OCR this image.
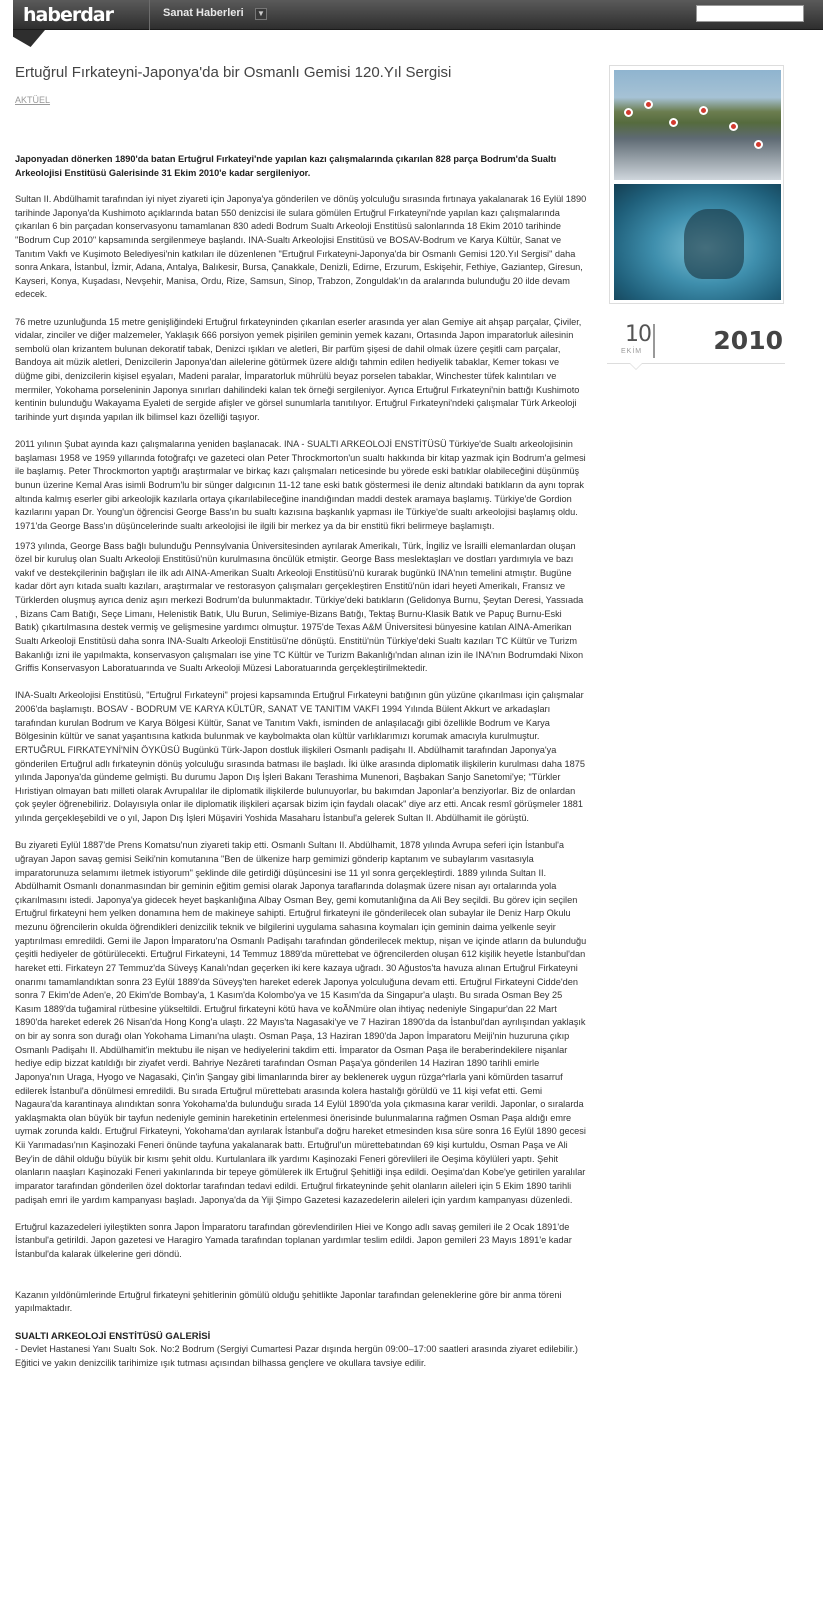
haberdar	Sanat Haberleri ▼
Ertuğrul Fırkateyni-Japonya'da bir Osmanlı Gemisi 120.Yıl Sergisi
AKTÜEL
Japonyadan dönerken 1890'da batan Ertuğrul Fırkateyi'nde yapılan kazı çalışmalarında çıkarılan 828 parça Bodrum'da Sualtı Arkeolojisi Enstitüsü Galerisinde 31 Ekim 2010'e kadar sergileniyor.

Sultan II. Abdülhamit tarafından iyi niyet ziyareti için Japonya'ya gönderilen ve dönüş yolculuğu sırasında fırtınaya yakalanarak 16 Eylül 1890 tarihinde Japonya'da Kushimoto açıklarında batan 550 denizcisi ile sulara gömülen Ertuğrul Fırkateyni'nde yapılan kazı çalışmalarında çıkarılan 6 bin parçadan konservasyonu tamamlanan 830 adedi Bodrum Sualtı Arkeoloji Enstitüsü salonlarında 18 Ekim 2010 tarihinde "Bodrum Cup 2010" kapsamında sergilenmeye başlandı. INA-Sualtı Arkeolojisi Enstitüsü ve BOSAV-Bodrum ve Karya Kültür, Sanat ve Tanıtım Vakfı ve Kuşimoto Belediyesi'nin katkıları ile düzenlenen "Ertuğrul Fırkateyni-Japonya'da bir Osmanlı Gemisi 120.Yıl Sergisi" daha sonra Ankara, İstanbul, İzmir, Adana, Antalya, Balıkesir, Bursa, Çanakkale, Denizli, Edirne, Erzurum, Eskişehir, Fethiye, Gaziantep, Giresun, Kayseri, Konya, Kuşadası, Nevşehir, Manisa, Ordu, Rize, Samsun, Sinop, Trabzon, Zonguldak'ın da aralarında bulunduğu 20 ilde devam edecek.

76 metre uzunluğunda 15 metre genişliğindeki Ertuğrul fırkateyninden çıkarılan eserler arasında yer alan Gemiye ait ahşap parçalar, Çiviler, vidalar, zinciler ve diğer malzemeler, Yaklaşık 666 porsiyon yemek pişirilen geminin yemek kazanı, Ortasında Japon imparatorluk ailesinin sembolü olan krizantem bulunan dekoratif tabak, Denizci ışıkları ve aletleri, Bir parfüm şişesi de dahil olmak üzere çeşitli cam parçalar, Bandoya ait müzik aletleri, Denizcilerin Japonya'dan ailelerine götürmek üzere aldığı tahmin edilen hediyelik tabaklar, Kemer tokası ve düğme gibi, denizcilerin kişisel eşyaları, Madeni paralar, İmparatorluk mührülü beyaz porselen tabaklar, Winchester tüfek kalıntıları ve mermiler, Yokohama porseleninin Japonya sınırları dahilindeki kalan tek örneği sergileniyor. Ayrıca Ertuğrul Fırkateyni'nin battığı Kushimoto kentinin bulunduğu Wakayama Eyaleti de sergide afişler ve görsel sunumlarla tanıtılıyor. Ertuğrul Fırkateyni'ndeki çalışmalar Türk Arkeoloji tarihinde yurt dışında yapılan ilk bilimsel kazı özelliği taşıyor.

2011 yılının Şubat ayında kazı çalışmalarına yeniden başlanacak. INA - SUALTI ARKEOLOJİ ENSTİTÜSÜ Türkiye'de Sualtı arkeolojisinin başlaması 1958 ve 1959 yıllarında fotoğrafçı ve gazeteci olan Peter Throckmorton'un sualtı hakkında bir kitap yazmak için Bodrum'a gelmesi ile başlamış. Peter Throckmorton yaptığı araştırmalar ve birkaç kazı çalışmaları neticesinde bu yörede eski batıklar olabileceğini düşünmüş bunun üzerine Kemal Aras isimli Bodrum'lu bir sünger dalgıcının 11-12 tane eski batık göstermesi ile deniz altındaki batıkların da aynı toprak altında kalmış eserler gibi arkeolojik kazılarla ortaya çıkarılabileceğine inandığından maddi destek aramaya başlamış. Türkiye'de Gordion kazılarını yapan Dr. Young'un öğrencisi George Bass'ın bu sualtı kazısına başkanlık yapması ile Türkiye'de sualtı arkeolojisi başlamış oldu. 1971'da George Bass'ın düşüncelerinde sualtı arkeolojisi ile ilgili bir merkez ya da bir enstitü fikri belirmeye başlamıştı.

1973 yılında, George Bass bağlı bulunduğu Pennsylvania Üniversitesinden ayrılarak Amerikalı, Türk, İngiliz ve İsrailli elemanlardan oluşan özel bir kuruluş olan Sualtı Arkeoloji Enstitüsü'nün kurulmasına öncülük etmiştir. George Bass meslektaşları ve dostları yardımıyla ve bazı vakıf ve destekçilerinin bağışları ile ilk adı AINA-Amerikan Sualtı Arkeoloji Enstitüsü'nü kurarak bugünkü INA'nın temelini atmıştır. Bugüne kadar dört ayrı kıtada sualtı kazıları, araştırmalar ve restorasyon çalışmaları gerçekleştiren Enstitü'nün idari heyeti Amerikalı, Fransız ve Türklerden oluşmuş ayrıca deniz aşırı merkezi Bodrum'da bulunmaktadır. Türkiye'deki batıkların (Gelidonya Burnu, Şeytan Deresi, Yassıada , Bizans Cam Batığı, Seçe Limanı, Helenistik Batık, Ulu Burun, Selimiye-Bizans Batığı, Tektaş Burnu-Klasik Batık ve Papuç Burnu-Eski Batık) çıkartılmasına destek vermiş ve gelişmesine yardımcı olmuştur. 1975'de Texas A&M Üniversitesi bünyesine katılan AINA-Amerikan Sualtı Arkeoloji Enstitüsü daha sonra INA-Sualtı Arkeoloji Enstitüsü'ne dönüştü. Enstitü'nün Türkiye'deki Sualtı kazıları TC Kültür ve Turizm Bakanlığı izni ile yapılmakta, konservasyon çalışmaları ise yine TC Kültür ve Turizm Bakanlığı'ndan alınan izin ile INA'nın Bodrumdaki Nixon Griffis Konservasyon Laboratuarında ve Sualtı Arkeoloji Müzesi Laboratuarında gerçekleştirilmektedir.

INA-Sualtı Arkeolojisi Enstitüsü, "Ertuğrul Fırkateyni" projesi kapsamında Ertuğrul Fırkateyni batığının gün yüzüne çıkarılması için çalışmalar 2006'da başlamıştı. BOSAV - BODRUM VE KARYA KÜLTÜR, SANAT VE TANITIM VAKFI 1994 Yılında Bülent Akkurt ve arkadaşları tarafından kurulan Bodrum ve Karya Bölgesi Kültür, Sanat ve Tanıtım Vakfı, isminden de anlaşılacağı gibi özellikle Bodrum ve Karya Bölgesinin kültür ve sanat yaşantısına katkıda bulunmak ve kaybolmakta olan kültür varlıklarımızı korumak amacıyla kurulmuştur. ERTUĞRUL FIRKATEYNİ'NİN ÖYKÜSÜ Bugünkü Türk-Japon dostluk ilişkileri Osmanlı padişahı II. Abdülhamit tarafından Japonya'ya gönderilen Ertuğrul adlı fırkateynin dönüş yolculuğu sırasında batması ile başladı. İki ülke arasında diplomatik ilişkilerin kurulması daha 1875 yılında Japonya'da gündeme gelmişti. Bu durumu Japon Dış İşleri Bakanı Terashima Munenori, Başbakan Sanjo Sanetomi'ye; "Türkler Hıristiyan olmayan batı milleti olarak Avrupalılar ile diplomatik ilişkilerde bulunuyorlar, bu bakımdan Japonlar'a benziyorlar. Biz de onlardan çok şeyler öğrenebiliriz. Dolayısıyla onlar ile diplomatik ilişkileri açarsak bizim için faydalı olacak" diye arz etti. Ancak resmî görüşmeler 1881 yılında gerçekleşebildi ve o yıl, Japon Dış İşleri Müşaviri Yoshida Masaharu İstanbul'a gelerek Sultan II. Abdülhamit ile görüştü.

Bu ziyareti Eylül 1887'de Prens Komatsu'nun ziyareti takip etti. Osmanlı Sultanı II. Abdülhamit, 1878 yılında Avrupa seferi için İstanbul'a uğrayan Japon savaş gemisi Seiki'nin komutanına "Ben de ülkenize harp gemimizi gönderip kaptanım ve subaylarım vasıtasıyla imparatorunuza selamımı iletmek istiyorum" şeklinde dile getirdiği düşüncesini ise 11 yıl sonra gerçekleştirdi. 1889 yılında Sultan II. Abdülhamit Osmanlı donanmasından bir geminin eğitim gemisi olarak Japonya taraflarında dolaşmak üzere nisan ayı ortalarında yola çıkarılmasını istedi. Japonya'ya gidecek heyet başkanlığına Albay Osman Bey, gemi komutanlığına da Ali Bey seçildi. Bu görev için seçilen Ertuğrul firkateyni hem yelken donamına hem de makineye sahipti. Ertuğrul firkateyni ile gönderilecek olan subaylar ile Deniz Harp Okulu mezunu öğrencilerin okulda öğrendikleri denizcilik teknik ve bilgilerini uygulama sahasına koymaları için geminin daima yelkenle seyir yaptırılması emredildi. Gemi ile Japon İmparatoru'na Osmanlı Padişahı tarafından gönderilecek mektup, nişan ve içinde atların da bulunduğu çeşitli hediyeler de götürülecekti. Ertuğrul Firkateyni, 14 Temmuz 1889'da mürettebat ve öğrencilerden oluşan 612 kişilik heyetle İstanbul'dan hareket etti. Firkateyn 27 Temmuz'da Süveyş Kanalı'ndan geçerken iki kere kazaya uğradı. 30 Ağustos'ta havuza alınan Ertuğrul Firkateyni onarımı tamamlandıktan sonra 23 Eylül 1889'da Süveyş'ten hareket ederek Japonya yolculuğuna devam etti. Ertuğrul Firkateyni Cidde'den sonra 7 Ekim'de Aden'e, 20 Ekim'de Bombay'a, 1 Kasım'da Kolombo'ya ve 15 Kasım'da da Singapur'a ulaştı. Bu sırada Osman Bey 25 Kasım 1889'da tuğamiral rütbesine yükseltildi. Ertuğrul firkateyni kötü hava ve koÃNmüre olan ihtiyaç nedeniyle Singapur'dan 22 Mart 1890'da hareket ederek 26 Nisan'da Hong Kong'a ulaştı. 22 Mayıs'ta Nagasaki'ye ve 7 Haziran 1890'da da İstanbul'dan ayrılışından yaklaşık on bir ay sonra son durağı olan Yokohama Limanı'na ulaştı. Osman Paşa, 13 Haziran 1890'da Japon İmparatoru Meiji'nin huzuruna çıkıp Osmanlı Padişahı II. Abdülhamit'in mektubu ile nişan ve hediyelerini takdim etti. İmparator da Osman Paşa ile beraberindekilere nişanlar hediye edip bizzat katıldığı bir ziyafet verdi. Bahriye Nezâreti tarafından Osman Paşa'ya gönderilen 14 Haziran 1890 tarihli emirle Japonya'nın Uraga, Hyogo ve Nagasaki, Çin'in Şangay gibi limanlarında birer ay beklenerek uygun rüzga^rlarla yani kömürden tasarruf edilerek İstanbul'a dönülmesi emredildi. Bu sırada Ertuğrul mürettebatı arasında kolera hastalığı görüldü ve 11 kişi vefat etti. Gemi Nagaura'da karantinaya alındıktan sonra Yokohama'da bulunduğu sırada 14 Eylül 1890'da yola çıkmasına karar verildi. Japonlar, o sıralarda yaklaşmakta olan büyük bir tayfun nedeniyle geminin hareketinin ertelenmesi önerisinde bulunmalarına rağmen Osman Paşa aldığı emre uymak zorunda kaldı. Ertuğrul Firkateyni, Yokohama'dan ayrılarak İstanbul'a doğru hareket etmesinden kısa süre sonra 16 Eylül 1890 gecesi Kii Yarımadası'nın Kaşinozaki Feneri önünde tayfuna yakalanarak battı. Ertuğrul'un mürettebatından 69 kişi kurtuldu, Osman Paşa ve Ali Bey'in de dâhil olduğu büyük bir kısmı şehit oldu. Kurtulanlara ilk yardımı Kaşinozaki Feneri görevlileri ile Oeşima köylüleri yaptı. Şehit olanların naaşları Kaşinozaki Feneri yakınlarında bir tepeye gömülerek ilk Ertuğrul Şehitliği inşa edildi. Oeşima'dan Kobe'ye getirilen yaralılar imparator tarafından gönderilen özel doktorlar tarafından tedavi edildi. Ertuğrul firkateyninde şehit olanların aileleri için 5 Ekim 1890 tarihli padişah emri ile yardım kampanyası başladı. Japonya'da da Yiji Şimpo Gazetesi kazazedelerin aileleri için yardım kampanyası düzenledi.

Ertuğrul kazazedeleri iyileştikten sonra Japon İmparatoru tarafından görevlendirilen Hiei ve Kongo adlı savaş gemileri ile 2 Ocak 1891'de İstanbul'a getirildi. Japon gazetesi ve Haragiro Yamada tarafından toplanan yardımlar teslim edildi. Japon gemileri 23 Mayıs 1891'e kadar İstanbul'da kalarak ülkelerine geri döndü.

Kazanın yıldönümlerinde Ertuğrul firkateyni şehitlerinin gömülü olduğu şehitlikte Japonlar tarafından geleneklerine göre bir anma töreni yapılmaktadır.

SUALTI ARKEOLOJİ ENSTİTÜSÜ GALERİSİ

- Devlet Hastanesi Yanı Sualtı Sok. No:2 Bodrum (Sergiyi Cumartesi Pazar dışında hergün 09:00–17:00 saatleri arasında ziyaret edilebilir.) Eğitici ve yakın denizcilik tarihimize ışık tutması açısından bilhassa gençlere ve okullara tavsiye edilir.

10
EKİM	2010
